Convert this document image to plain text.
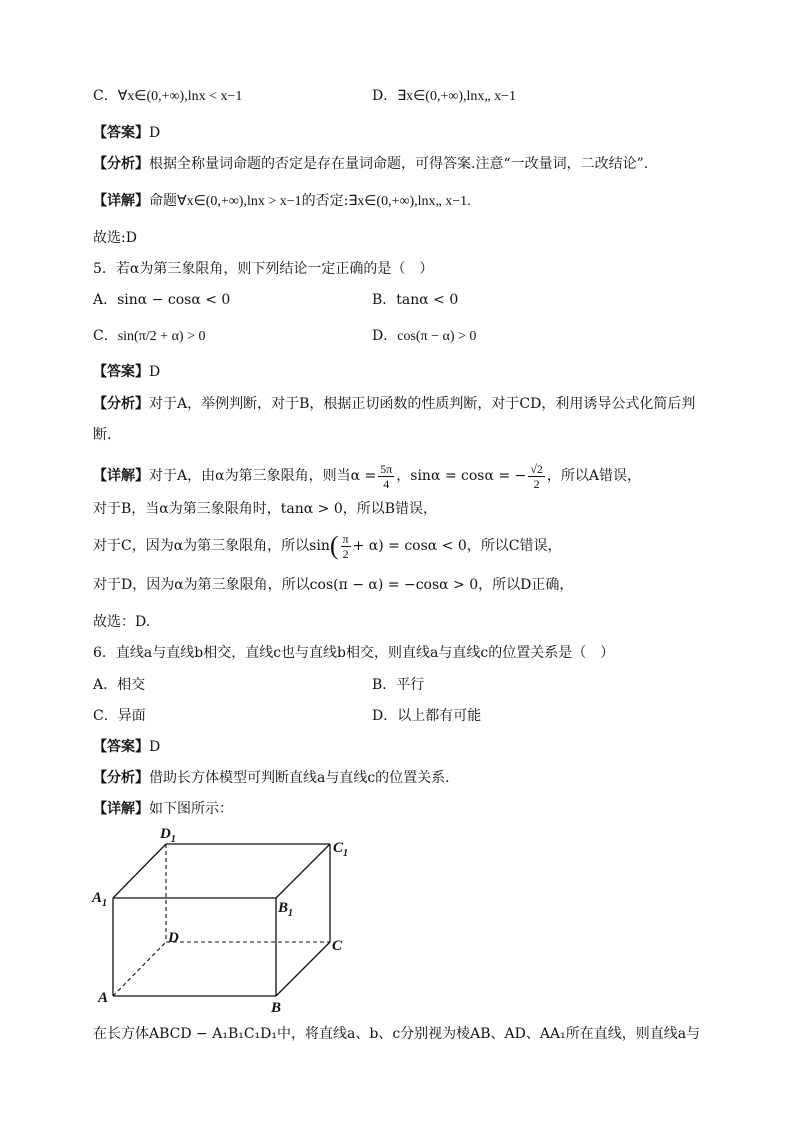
C．∀x∈(0,+∞),lnx < x−1	D．∃x∈(0,+∞),lnx„ x−1
【答案】D
【分析】根据全称量词命题的否定是存在量词命题，可得答案.注意“一改量词，二改结论”.
【详解】命题∀x∈(0,+∞),lnx > x−1的否定:∃x∈(0,+∞),lnx„ x−1.
故选:D
5．若α为第三象限角，则下列结论一定正确的是（　）
A．sinα − cosα < 0	B．tanα < 0
C．sin(π/2 + α) > 0	D．cos(π − α) > 0
【答案】D
【分析】对于A，举例判断，对于B，根据正切函数的性质判断，对于CD，利用诱导公式化简后判
断.
【详解】对于A，由α为第三象限角，则当$\alpha = \frac{5\pi}{4}$ ，sinα = cosα = − $\frac{√2}{2}$ ，所以A错误，
对于B，当α为第三象限角时，tanα > 0，所以B错误，
对于C，因为α为第三象限角，所以$\sin( \frac{\pi}{2} + \alpha) = \cos\alpha < 0$，所以C错误，
对于D，因为α为第三象限角，所以cos(π − α) = −cosα > 0，所以D正确，
故选：D.
6．直线a与直线b相交，直线c也与直线b相交，则直线a与直线c的位置关系是（　）
A．相交	B．平行
C．异面	D．以上都有可能
【答案】D
【分析】借助长方体模型可判断直线a与直线c的位置关系.
【详解】如下图所示：
$D_1$
$C_1$
$A_1$	$B_1$
D	C
A
B
在长方体ABCD − A₁B₁C₁D₁中，将直线a、b、c分别视为棱AB、AD、AA₁所在直线，则直线a与
